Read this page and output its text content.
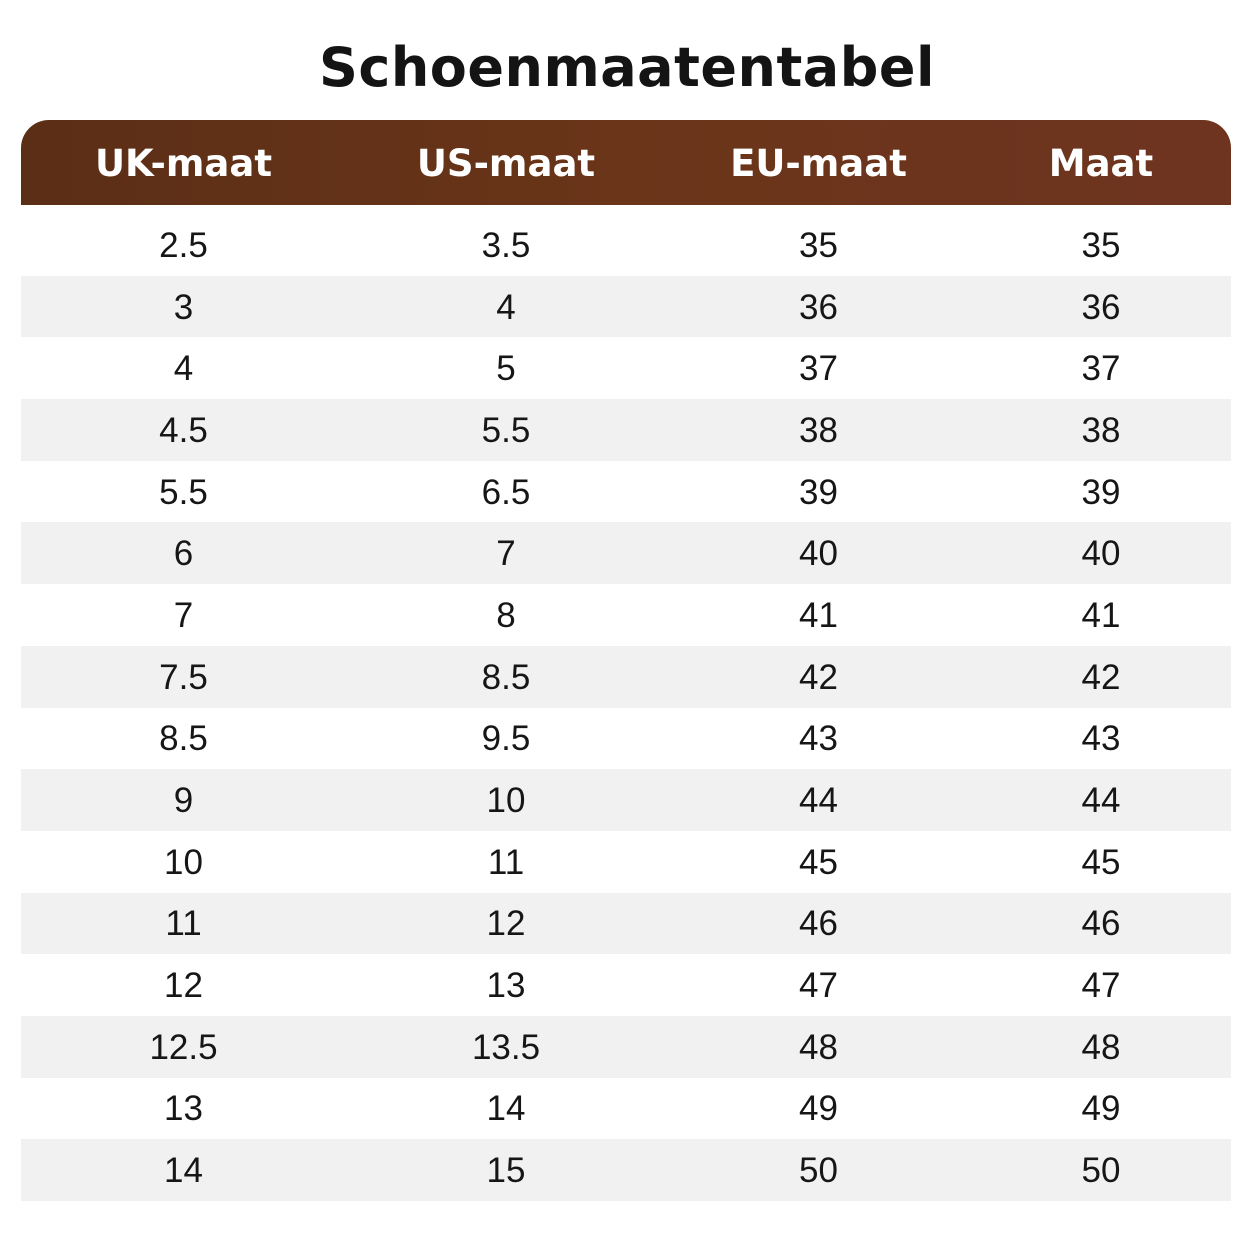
Schoenmaatentabel
UK-maat	US-maat	EU-maat	Maat
2.5	3.5	35	35
3	4	36	36
4	5	37	37
4.5	5.5	38	38
5.5	6.5	39	39
6	7	40	40
7	8	41	41
7.5	8.5	42	42
8.5	9.5	43	43
9	10	44	44
10	11	45	45
11	12	46	46
12	13	47	47
12.5	13.5	48	48
13	14	49	49
14	15	50	50
